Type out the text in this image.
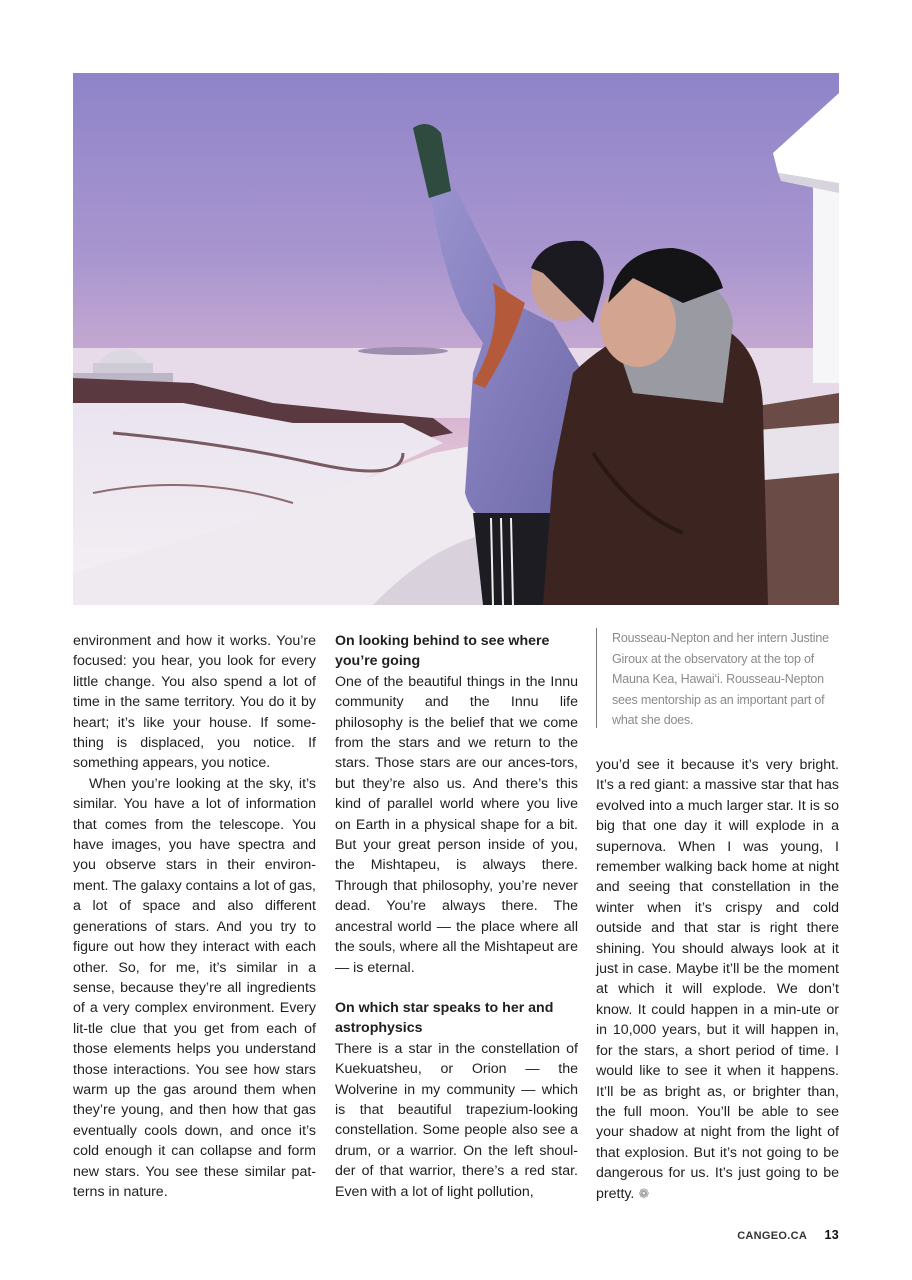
environment and how it works. You’re focused: you hear, you look for every little change. You also spend a lot of time in the same territory. You do it by heart; it’s like your house. If some-thing is displaced, you notice. If something appears, you notice.

When you’re looking at the sky, it’s similar. You have a lot of information that comes from the telescope. You have images, you have spectra and you observe stars in their environ-ment. The galaxy contains a lot of gas, a lot of space and also different generations of stars. And you try to figure out how they interact with each other. So, for me, it’s similar in a sense, because they’re all ingredients of a very complex environment. Every lit-tle clue that you get from each of those elements helps you understand those interactions. You see how stars warm up the gas around them when they’re young, and then how that gas eventually cools down, and once it’s cold enough it can collapse and form new stars. You see these similar pat-terns in nature.

On looking behind to see where you’re going

One of the beautiful things in the Innu community and the Innu life philosophy is the belief that we come from the stars and we return to the stars. Those stars are our ances-tors, but they’re also us. And there’s this kind of parallel world where you live on Earth in a physical shape for a bit. But your great person inside of you, the Mishtapeu, is always there. Through that philosophy, you’re never dead. You’re always there. The ancestral world — the place where all the souls, where all the Mishtapeut are — is eternal.

On which star speaks to her and astrophysics

There is a star in the constellation of Kuekuatsheu, or Orion — the Wolverine in my community — which is that beautiful trapezium-looking constellation. Some people also see a drum, or a warrior. On the left shoul-der of that warrior, there’s a red star. Even with a lot of light pollution,

Rousseau-Nepton and her intern Justine Giroux at the observatory at the top of Mauna Kea, Hawai‘i. Rousseau-Nepton sees mentorship as an important part of what she does.

you’d see it because it’s very bright. It’s a red giant: a massive star that has evolved into a much larger star. It is so big that one day it will explode in a supernova. When I was young, I remember walking back home at night and seeing that constellation in the winter when it’s crispy and cold outside and that star is right there shining. You should always look at it just in case. Maybe it’ll be the moment at which it will explode. We don’t know. It could happen in a min-ute or in 10,000 years, but it will happen in, for the stars, a short period of time. I would like to see it when it happens. It’ll be as bright as, or brighter than, the full moon. You’ll be able to see your shadow at night from the light of that explosion. But it’s not going to be dangerous for us. It’s just going to be pretty. ❁

CANGEO.CA 13
